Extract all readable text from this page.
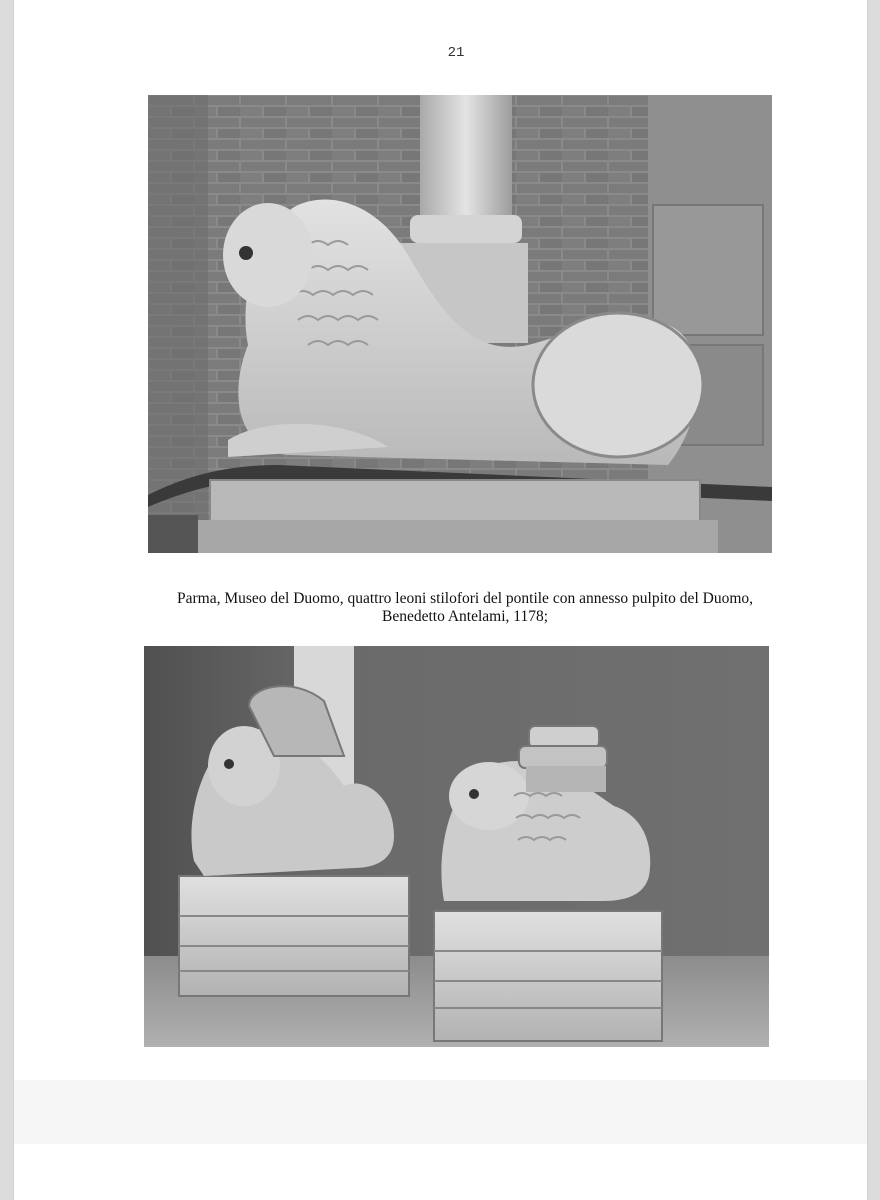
21
Parma, Museo del Duomo, quattro leoni stilofori del pontile con annesso pulpito del Duomo,
Benedetto Antelami, 1178;
